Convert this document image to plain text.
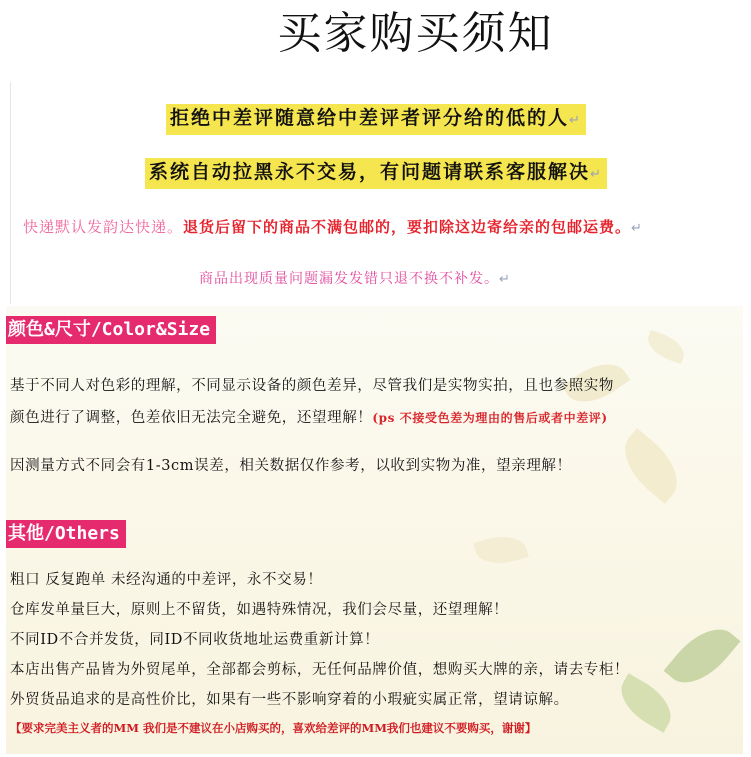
买家购买须知
拒绝中差评随意给中差评者评分给的低的人↵
系统自动拉黑永不交易，有问题请联系客服解决↵
快递默认发韵达快递。退货后留下的商品不满包邮的，要扣除这边寄给亲的包邮运费。↵
商品出现质量问题漏发发错只退不换不补发。↵
颜色&尺寸/Color&Size
基于不同人对色彩的理解，不同显示设备的颜色差异，尽管我们是实物实拍，且也参照实物
颜色进行了调整，色差依旧无法完全避免，还望理解！(ps 不接受色差为理由的售后或者中差评)
因测量方式不同会有1-3cm误差，相关数据仅作参考，以收到实物为准，望亲理解！
其他/Others
粗口 反复跑单 未经沟通的中差评，永不交易！
仓库发单量巨大，原则上不留货，如遇特殊情况，我们会尽量，还望理解！
不同ID不合并发货，同ID不同收货地址运费重新计算！
本店出售产品皆为外贸尾单，全部都会剪标，无任何品牌价值，想购买大牌的亲，请去专柜！
外贸货品追求的是高性价比，如果有一些不影响穿着的小瑕疵实属正常，望请谅解。
【要求完美主义者的MM 我们是不建议在小店购买的，喜欢给差评的MM我们也建议不要购买，谢谢】
